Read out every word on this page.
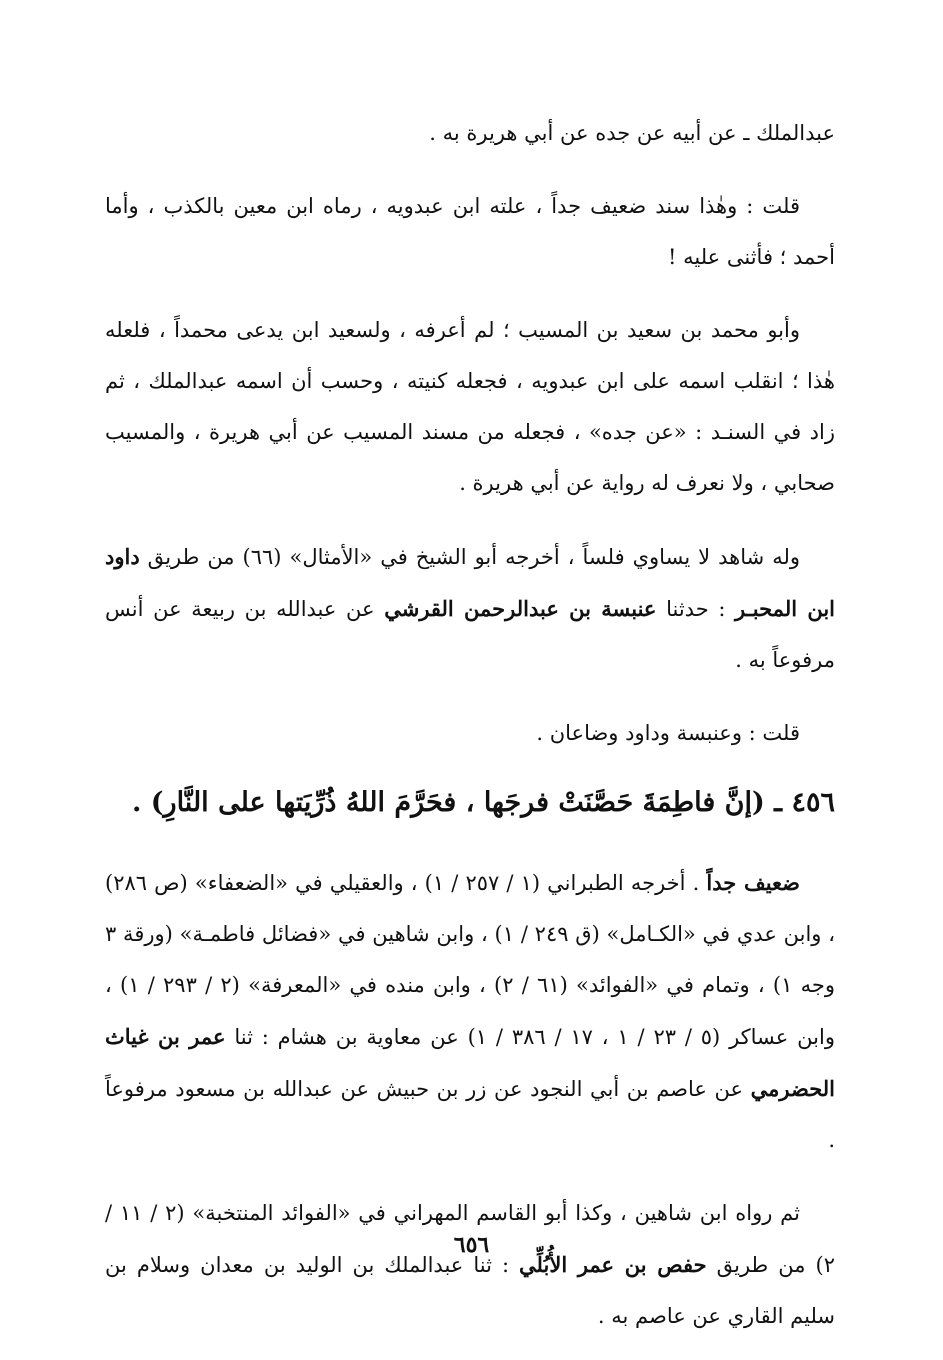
عبدالملك ـ عن أبيه عن جده عن أبي هريرة به .

قلت : وهٰذا سند ضعيف جداً ، علته ابن عبدويه ، رماه ابن معين بالكذب ، وأما أحمد ؛ فأثنى عليه !

وأبو محمد بن سعيد بن المسيب ؛ لم أعرفه ، ولسعيد ابن يدعى محمداً ، فلعله هٰذا ؛ انقلب اسمه على ابن عبدويه ، فجعله كنيته ، وحسب أن اسمه عبدالملك ، ثم زاد في السنـد : «عن جده» ، فجعله من مسند المسيب عن أبي هريرة ، والمسيب صحابي ، ولا نعرف له رواية عن أبي هريرة .

وله شاهد لا يساوي فلساً ، أخرجه أبو الشيخ في «الأمثال» (٦٦) من طريق داود ابن المحبـر : حدثنا عنبسة بن عبدالرحمن القرشي عن عبدالله بن ربيعة عن أنس مرفوعاً به .

قلت : وعنبسة وداود وضاعان .

٤٥٦ ـ (إنَّ فاطِمَةَ حَصَّنَتْ فرجَها ، فحَرَّمَ اللهُ ذُرِّيَتها على النَّارِ) .

ضعيف جداً . أخرجه الطبراني (١ / ٢٥٧ / ١) ، والعقيلي في «الضعفاء» (ص ٢٨٦) ، وابن عدي في «الكـامل» (ق ٢٤٩ / ١) ، وابن شاهين في «فضائل فاطمـة» (ورقة ٣ وجه ١) ، وتمام في «الفوائد» (٦١ / ٢) ، وابن منده في «المعرفة» (٢ / ٢٩٣ / ١) ، وابن عساكر (٥ / ٢٣ / ١ ، ١٧ / ٣٨٦ / ١) عن معاوية بن هشام : ثنا عمر بن غياث الحضرمي عن عاصم بن أبي النجود عن زر بن حبيش عن عبدالله بن مسعود مرفوعاً .

ثم رواه ابن شاهين ، وكذا أبو القاسم المهراني في «الفوائد المنتخبة» (٢ / ١١ / ٢) من طريق حفص بن عمر الأُبُلِّي : ثنا عبدالملك بن الوليد بن معدان وسلام بن سليم القاري عن عاصم به .

٦٥٦
